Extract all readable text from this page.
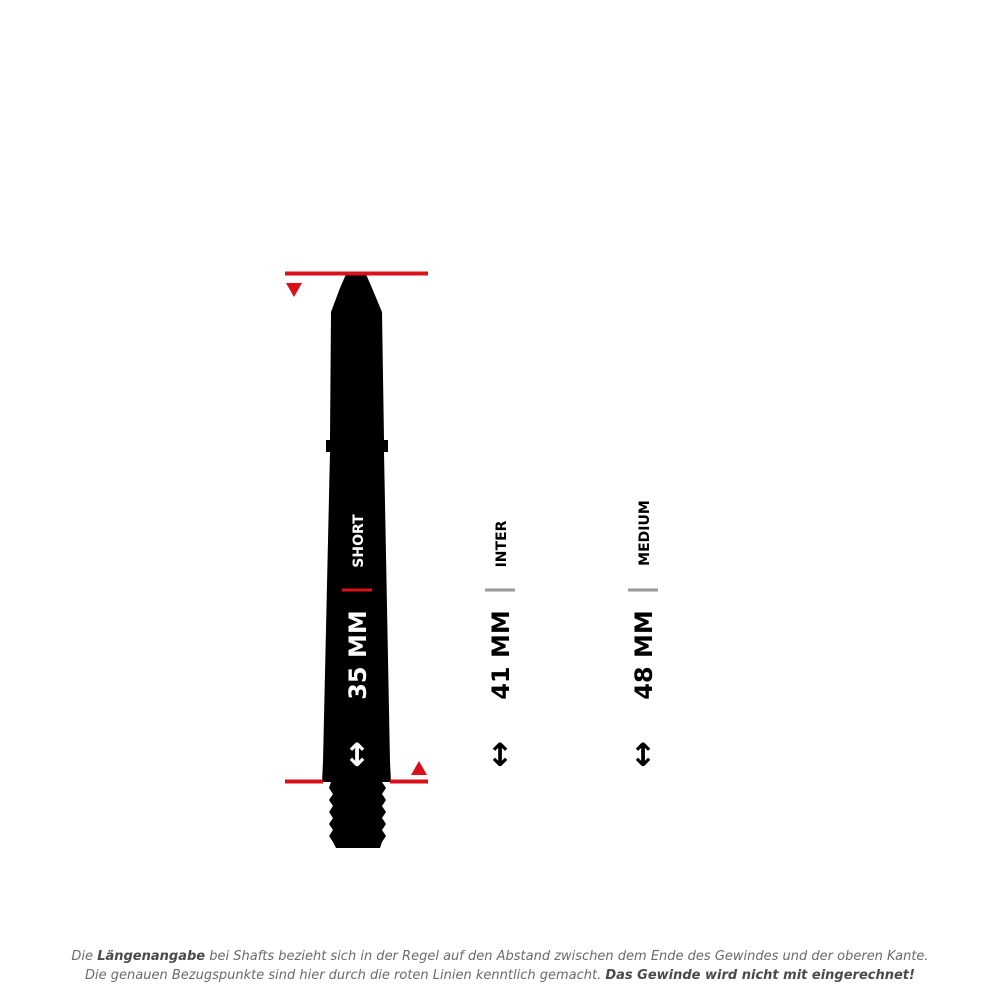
SHORT
35 MM
↕
INTER
41 MM
↕
MEDIUM
48 MM
↕
Die Längenangabe bei Shafts bezieht sich in der Regel auf den Abstand zwischen dem Ende des Gewindes und der oberen Kante.
Die genauen Bezugspunkte sind hier durch die roten Linien kenntlich gemacht. Das Gewinde wird nicht mit eingerechnet!
